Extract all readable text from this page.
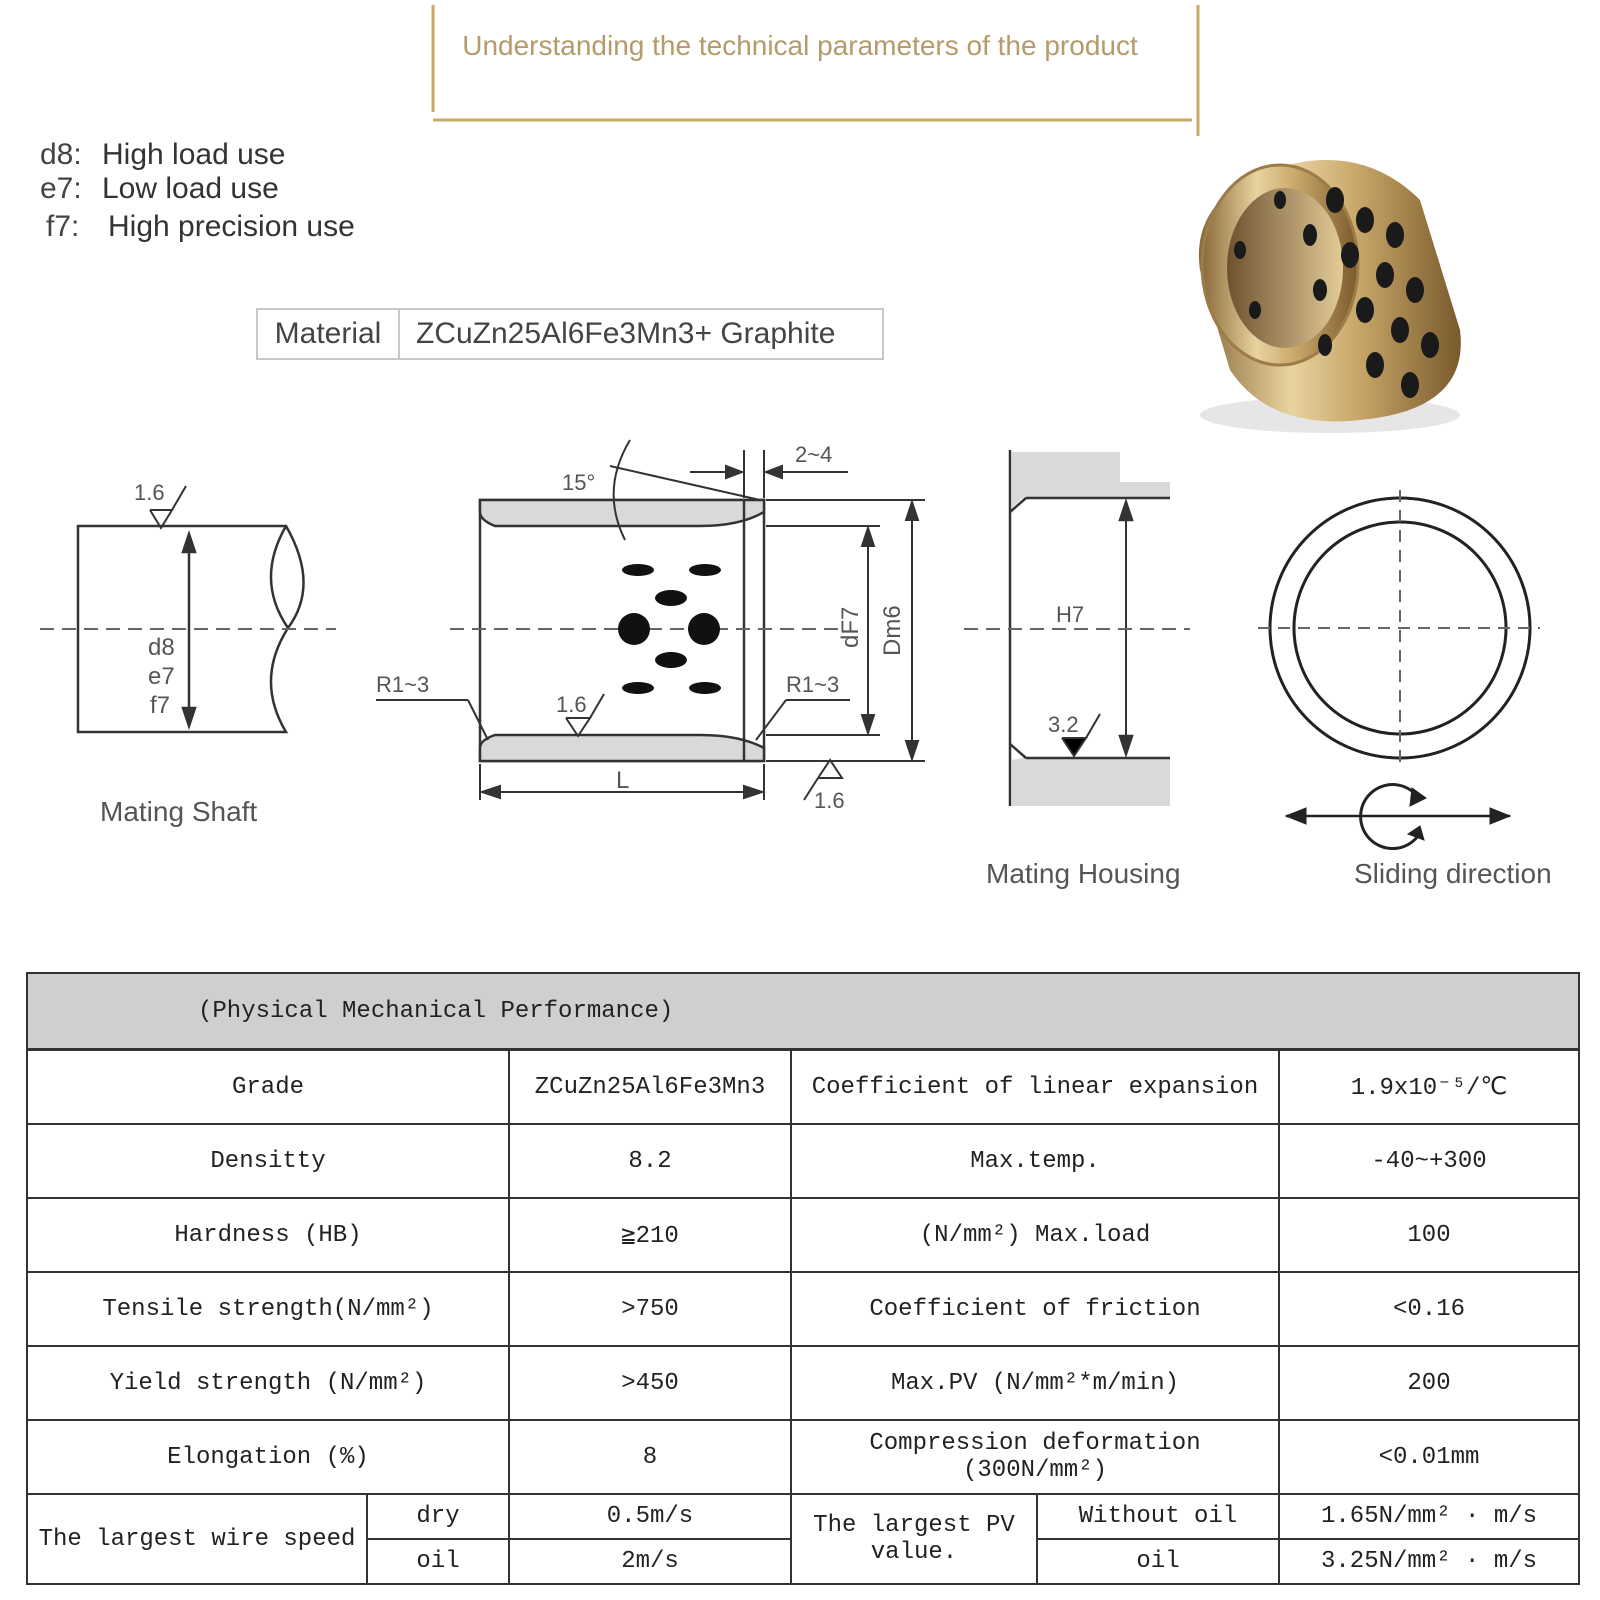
Understanding the technical parameters of the product
d8: High load use
e7: Low load use
f7: High precision use
Material	ZCuZn25Al6Fe3Mn3+ Graphite
1.6
d8
e7
f7
15°
2~4
R1~3	R1~3
1.6
1.6
L
dF7 Dm6	H7
3.2
Mating Shaft
Mating Housing	Sliding direction
(Physical Mechanical Performance)					
Grade		ZCuZn25Al6Fe3Mn3	Coefficient of linear expansion		1.9x10⁻⁵/℃
Densitty		8.2	Max.temp.		-40~+300
Hardness (HB)		≧210	(N/mm²) Max.load		100
Tensile strength(N/mm²)		>750	Coefficient of friction		<0.16
Yield strength (N/mm²)		>450	Max.PV (N/mm²*m/min)		200
Elongation (%)		8	Compression deformation (300N/mm²)		<0.01mm
The largest wire speed	dry	0.5m/s	The largest PV value.	Without oil	1.65N/mm² · m/s
	oil	2m/s		oil	3.25N/mm² · m/s
